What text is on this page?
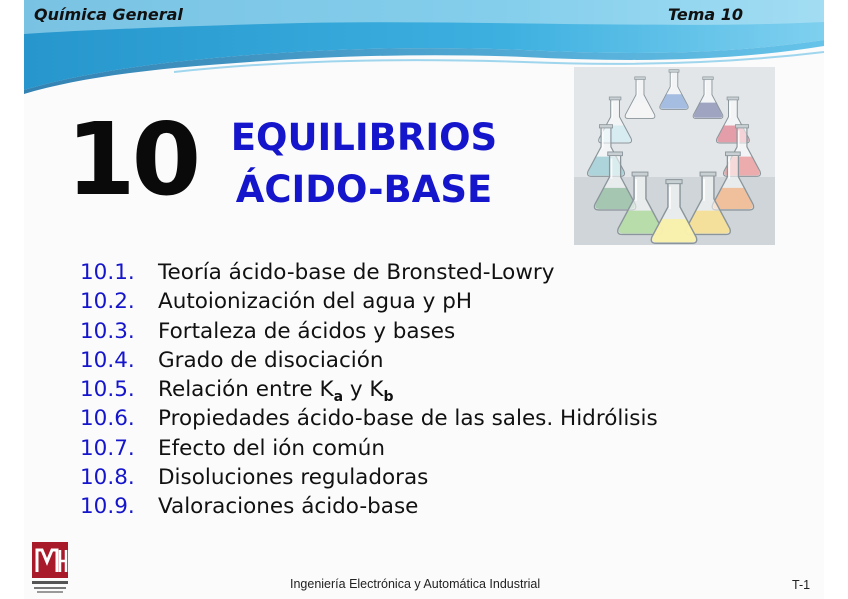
Química General	Tema 10
10 EQUILIBRIOS
ÁCIDO-BASE
10.1. Teoría ácido-base de Bronsted-Lowry
10.2. Autoionización del agua y pH
10.3. Fortaleza de ácidos y bases
10.4. Grado de disociación
10.5. Relación entre $K_a$ y $K_b$
10.6. Propiedades ácido-base de las sales. Hidrólisis
10.7. Efecto del ión común
10.8. Disoluciones reguladoras
10.9. Valoraciones ácido-base
Ingeniería Electrónica y Automática Industrial	T-1
